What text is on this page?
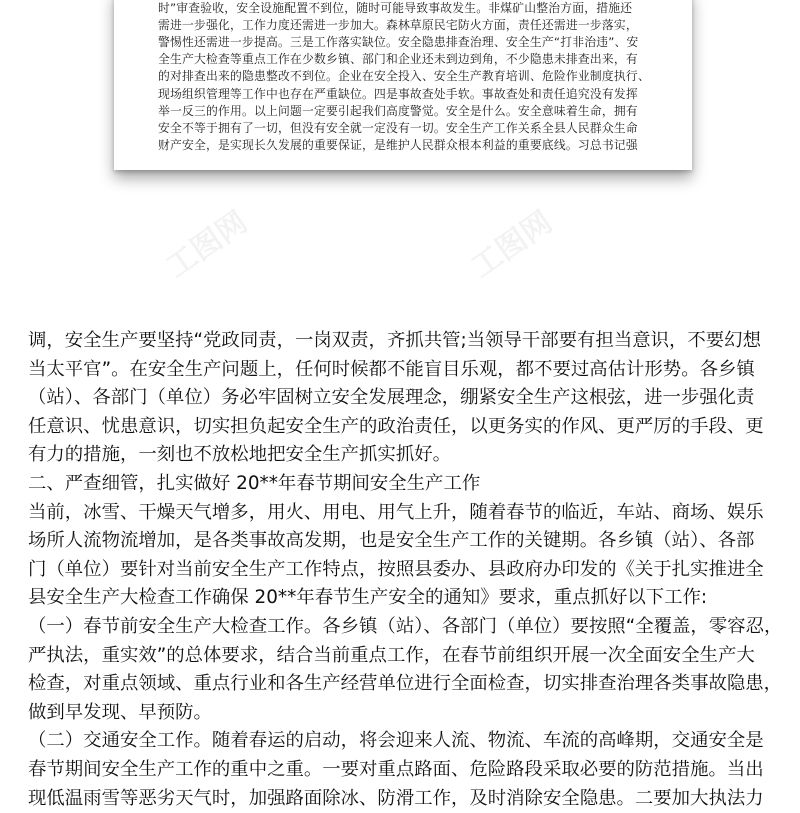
时”审查验收，安全设施配置不到位，随时可能导致事故发生。非煤矿山整治方面，措施还
需进一步强化，工作力度还需进一步加大。森林草原民宅防火方面，责任还需进一步落实，
警惕性还需进一步提高。三是工作落实缺位。安全隐患排查治理、安全生产“打非治违”、安
全生产大检查等重点工作在少数乡镇、部门和企业还未到边到角，不少隐患未排查出来，有
的对排查出来的隐患整改不到位。企业在安全投入、安全生产教育培训、危险作业制度执行、
现场组织管理等工作中也存在严重缺位。四是事故查处手软。事故查处和责任追究没有发挥
举一反三的作用。以上问题一定要引起我们高度警觉。安全是什么。安全意味着生命，拥有
安全不等于拥有了一切，但没有安全就一定没有一切。安全生产工作关系全县人民群众生命
财产安全，是实现长久发展的重要保证，是维护人民群众根本利益的重要底线。习总书记强
工图网	工图网
调，安全生产要坚持“党政同责，一岗双责，齐抓共管;当领导干部要有担当意识，不要幻想
当太平官”。在安全生产问题上，任何时候都不能盲目乐观，都不要过高估计形势。各乡镇
（站）、各部门（单位）务必牢固树立安全发展理念，绷紧安全生产这根弦，进一步强化责
任意识、忧患意识，切实担负起安全生产的政治责任，以更务实的作风、更严厉的手段、更
有力的措施，一刻也不放松地把安全生产抓实抓好。
二、严查细管，扎实做好 20**年春节期间安全生产工作
当前，冰雪、干燥天气增多，用火、用电、用气上升，随着春节的临近，车站、商场、娱乐
场所人流物流增加，是各类事故高发期，也是安全生产工作的关键期。各乡镇（站）、各部
门（单位）要针对当前安全生产工作特点，按照县委办、县政府办印发的《关于扎实推进全
县安全生产大检查工作确保 20**年春节生产安全的通知》要求，重点抓好以下工作:
（一）春节前安全生产大检查工作。各乡镇（站）、各部门（单位）要按照“全覆盖，零容忍，
严执法，重实效”的总体要求，结合当前重点工作，在春节前组织开展一次全面安全生产大
检查，对重点领域、重点行业和各生产经营单位进行全面检查，切实排查治理各类事故隐患，
做到早发现、早预防。
（二）交通安全工作。随着春运的启动，将会迎来人流、物流、车流的高峰期，交通安全是
春节期间安全生产工作的重中之重。一要对重点路面、危险路段采取必要的防范措施。当出
现低温雨雪等恶劣天气时，加强路面除冰、防滑工作，及时消除安全隐患。二要加大执法力
